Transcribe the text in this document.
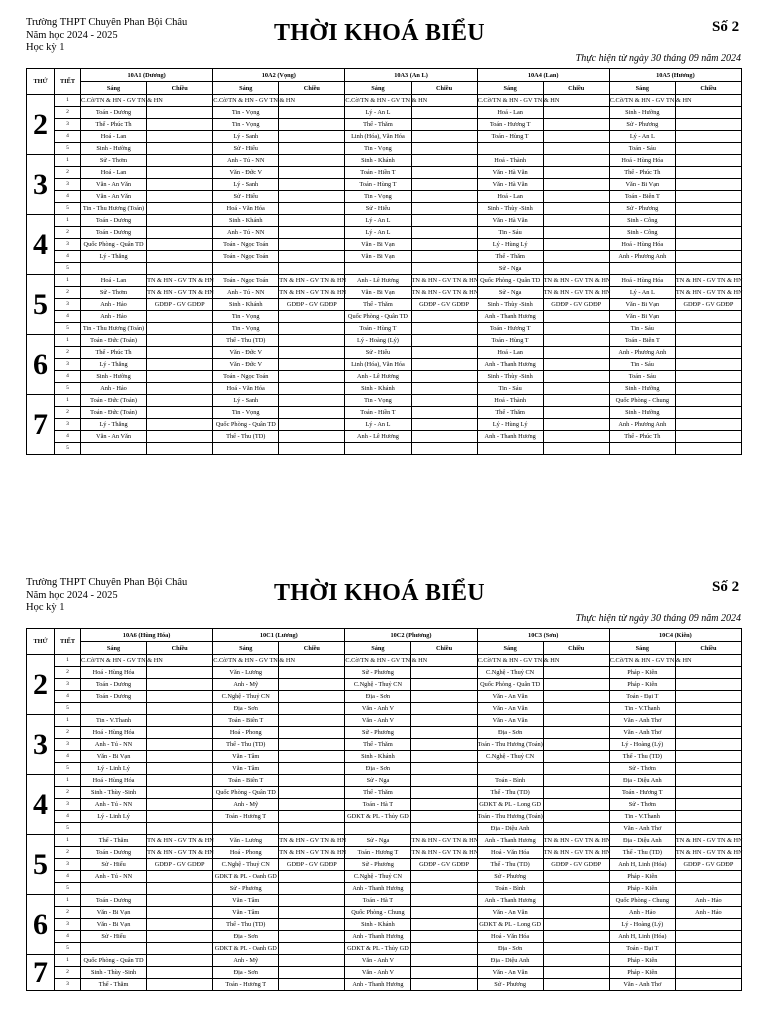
Trường THPT Chuyên Phan Bội Châu
Năm học 2024 - 2025
Học kỳ 1
THỜI KHOÁ BIỂU	Số 2
Thực hiện từ ngày 30 tháng 09 năm 2024
THỨ	TIẾT	10A1 (Dương)		10A2 (Vọng)		10A3 (An L)		10A4 (Lan)		10A5 (Hương)	
		Sáng	Chiều	Sáng	Chiều	Sáng	Chiều	Sáng	Chiều	Sáng	Chiều
2	1	C.Cờ/TN & HN - GV TN & HN		C.Cờ/TN & HN - GV TN & HN		C.Cờ/TN & HN - GV TN & HN		C.Cờ/TN & HN - GV TN & HN		C.Cờ/TN & HN - GV TN & HN	
	2	Toán - Dương		Tin - Vọng		Lý - An L		Hoá - Lan		Sinh - Hường	
	3	Thể - Phúc Th		Tin - Vọng		Thể - Thăm		Toán - Hương T		Sử - Phương	
	4	Hoá - Lan		Lý - Sanh		Linh (Hóa), Văn Hóa		Toán - Hùng T		Lý - An L	
	5	Sinh - Hường		Sử - Hiếu		Tin - Vọng				Toán - Sáu	
3	1	Sử - Thơm		Anh - Tú - NN		Sinh - Khánh		Hoá - Thành		Hoá - Hùng Hóa	
	2	Hoá - Lan		Văn - Đức V		Toán - Hiền T		Văn - Hà Văn		Thể - Phúc Th	
	3	Văn - An Văn		Lý - Sanh		Toán - Hùng T		Văn - Hà Văn		Văn - Bi Vạn	
	4	Văn - An Văn		Sử - Hiếu		Tin - Vọng		Hoá - Lan		Toán - Biên T	
	5	Tin - Thu Hương (Toán)		Hoá - Văn Hóa		Sử - Hiếu		Sinh - Thùy -Sinh		Sử - Phương	
4	1	Toán - Dương		Sinh - Khánh		Lý - An L		Văn - Hà Văn		Sinh - Công	
	2	Toán - Dương		Anh - Tú - NN		Lý - An L		Tin - Sáu		Sinh - Công	
	3	Quốc Phòng - Quân TD		Toán - Ngọc Toán		Văn - Bi Vạn		Lý - Hùng Lý		Hoá - Hùng Hóa	
	4	Lý - Thắng		Toán - Ngọc Toán		Văn - Bi Vạn		Thể - Thăm		Anh - Phương Anh	
	5							Sử - Nga			
5	1	Hoá - Lan	TN & HN - GV TN & HN	Toán - Ngọc Toán	TN & HN - GV TN & HN	Anh - Lê Hương	TN & HN - GV TN & HN	Quốc Phòng - Quân TD	TN & HN - GV TN & HN	Hoá - Hùng Hóa	TN & HN - GV TN & HN
	2	Sử - Thơm	TN & HN - GV TN & HN	Anh - Tú - NN	TN & HN - GV TN & HN	Văn - Bi Vạn	TN & HN - GV TN & HN	Sử - Nga	TN & HN - GV TN & HN	Lý - An L	TN & HN - GV TN & HN
	3	Anh - Hảo	GDĐP - GV GDĐP	Sinh - Khánh	GDĐP - GV GDĐP	Thể - Thăm	GDĐP - GV GDĐP	Sinh - Thùy -Sinh	GDĐP - GV GDĐP	Văn - Bi Vạn	GDĐP - GV GDĐP
	4	Anh - Hảo		Tin - Vọng		Quốc Phòng - Quân TD		Anh - Thanh Hương		Văn - Bi Vạn	
	5	Tin - Thu Hương (Toán)		Tin - Vọng		Toán - Hùng T		Toán - Hương T		Tin - Sáu	
6	1	Toán - Đức (Toán)		Thể - Thu (TD)		Lý - Hoàng (Lý)		Toán - Hùng T		Toán - Biên T	
	2	Thể - Phúc Th		Văn - Đức V		Sử - Hiếu		Hoá - Lan		Anh - Phương Anh	
	3	Lý - Thắng		Văn - Đức V		Linh (Hóa), Văn Hóa		Anh - Thanh Hương		Tin - Sáu	
	4	Sinh - Hường		Toán - Ngọc Toán		Anh - Lê Hương		Sinh - Thùy -Sinh		Toán - Sáu	
	5	Anh - Hảo		Hoá - Văn Hóa		Sinh - Khánh		Tin - Sáu		Sinh - Hường	
7	1	Toán - Đức (Toán)		Lý - Sanh		Tin - Vọng		Hoá - Thành		Quốc Phòng - Chung	
	2	Toán - Đức (Toán)		Tin - Vọng		Toán - Hiền T		Thể - Thăm		Sinh - Hường	
	3	Lý - Thắng		Quốc Phòng - Quân TD		Lý - An L		Lý - Hùng Lý		Anh - Phương Anh	
	4	Văn - An Văn		Thể - Thu (TD)		Anh - Lê Hương		Anh - Thanh Hương		Thể - Phúc Th	
	5										
Trường THPT Chuyên Phan Bội Châu
Năm học 2024 - 2025
Học kỳ 1
THỜI KHOÁ BIỂU	Số 2
Thực hiện từ ngày 30 tháng 09 năm 2024
THỨ	TIẾT	10A6 (Hùng Hóa)		10C1 (Lương)		10C2 (Phương)		10C3 (Sơn)		10C4 (Kiên)	
		Sáng	Chiều	Sáng	Chiều	Sáng	Chiều	Sáng	Chiều	Sáng	Chiều
2	1	C.Cờ/TN & HN - GV TN & HN		C.Cờ/TN & HN - GV TN & HN		C.Cờ/TN & HN - GV TN & HN		C.Cờ/TN & HN - GV TN & HN		C.Cờ/TN & HN - GV TN & HN	
	2	Hoá - Hùng Hóa		Văn - Lương		Sử - Phương		C.Nghệ - Thuỷ CN		Pháp - Kiên	
	3	Toán - Dương		Anh - Mỹ		C.Nghệ - Thuỷ CN		Quốc Phòng - Quân TD		Pháp - Kiên	
	4	Toán - Dương		C.Nghệ - Thuỷ CN		Địa - Sơn		Văn - An Văn		Toán - Đại T	
	5			Địa - Sơn		Văn - Anh V		Văn - An Văn		Tin - V.Thanh	
3	1	Tin - V.Thanh		Toán - Biên T		Văn - Anh V		Văn - An Văn		Văn - Anh Thơ	
	2	Hoá - Hùng Hóa		Hoá - Phong		Sử - Phương		Địa - Sơn		Văn - Anh Thơ	
	3	Anh - Tú - NN		Thể - Thu (TD)		Thể - Thăm		Toán - Thu Hương (Toán)		Lý - Hoàng (Lý)	
	4	Văn - Bi Vạn		Văn - Tâm		Sinh - Khánh		C.Nghệ - Thuỷ CN		Thể - Thu (TD)	
	5	Lý - Linh Lý		Văn - Tâm		Địa - Sơn				Sử - Thơm	
4	1	Hoá - Hùng Hóa		Toán - Biên T		Sử - Nga		Toán - Bình		Địa - Diệu Anh	
	2	Sinh - Thùy -Sinh		Quốc Phòng - Quân TD		Thể - Thăm		Thể - Thu (TD)		Toán - Hương T	
	3	Anh - Tú - NN		Anh - Mỹ		Toán - Hà T		GDKT & PL - Long GD		Sử - Thơm	
	4	Lý - Linh Lý		Toán - Hương T		GDKT & PL - Thủy GD		Toán - Thu Hương (Toán)		Tin - V.Thanh	
	5							Địa - Diệu Anh		Văn - Anh Thơ	
5	1	Thể - Thăm	TN & HN - GV TN & HN	Văn - Lương	TN & HN - GV TN & HN	Sử - Nga	TN & HN - GV TN & HN	Anh - Thanh Hương	TN & HN - GV TN & HN	Địa - Diệu Anh	TN & HN - GV TN & HN
	2	Toán - Dương	TN & HN - GV TN & HN	Hoá - Phong	TN & HN - GV TN & HN	Toán - Hương T	TN & HN - GV TN & HN	Hoá - Văn Hóa	TN & HN - GV TN & HN	Thể - Thu (TD)	TN & HN - GV TN & HN
	3	Sử - Hiếu	GDĐP - GV GDĐP	C.Nghệ - Thuỷ CN	GDĐP - GV GDĐP	Sử - Phương	GDĐP - GV GDĐP	Thể - Thu (TD)	GDĐP - GV GDĐP	Anh H, Linh (Hóa)	GDĐP - GV GDĐP
	4	Anh - Tú - NN		GDKT & PL - Oanh GD		C.Nghệ - Thuỷ CN		Sử - Phương		Pháp - Kiên	
	5			Sử - Phương		Anh - Thanh Hương		Toán - Bình		Pháp - Kiên	
6	1	Toán - Dương		Văn - Tâm		Toán - Hà T		Anh - Thanh Hương		Quốc Phòng - Chung	Anh - Hảo
	2	Văn - Bi Vạn		Văn - Tâm		Quốc Phòng - Chung		Văn - An Văn		Anh - Hảo	Anh - Hảo
	3	Văn - Bi Vạn		Thể - Thu (TD)		Sinh - Khánh		GDKT & PL - Long GD		Lý - Hoàng (Lý)	
	4	Sử - Hiếu		Địa - Sơn		Anh - Thanh Hương		Hoá - Văn Hóa		Anh H, Linh (Hóa)	
	5			GDKT & PL - Oanh GD		GDKT & PL - Thủy GD		Địa - Sơn		Toán - Đại T	
7	1	Quốc Phòng - Quân TD		Anh - Mỹ		Văn - Anh V		Địa - Diệu Anh		Pháp - Kiên	
	2	Sinh - Thùy -Sinh		Địa - Sơn		Văn - Anh V		Văn - An Văn		Pháp - Kiên	
	3	Thể - Thăm		Toán - Hương T		Anh - Thanh Hương		Sử - Phương		Văn - Anh Thơ	
